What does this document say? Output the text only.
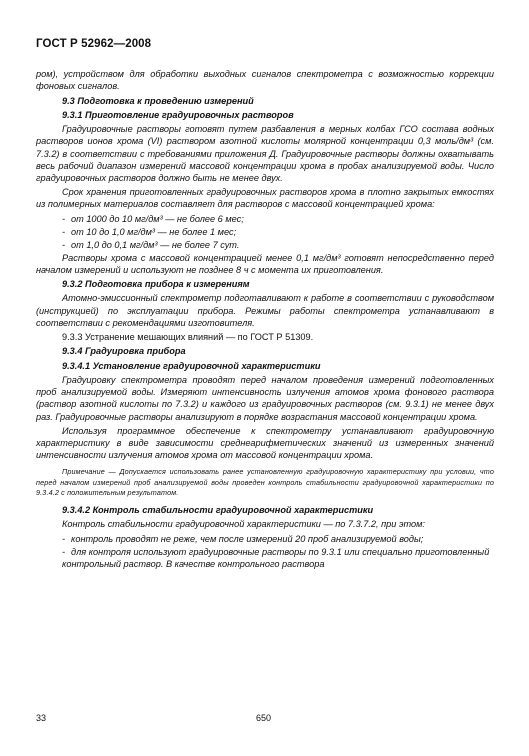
ГОСТ Р 52962—2008

ром), устройством для обработки выходных сигналов спектрометра с возможностью коррекции фоновых сигналов.

9.3 Подготовка к проведению измерений

9.3.1 Приготовление градуировочных растворов

Градуировочные растворы готовят путем разбавления в мерных колбах ГСО состава водных растворов ионов хрома (VI) раствором азотной кислоты молярной концентрации 0,3 моль/дм³ (см. 7.3.2) в соответствии с требованиями приложения Д. Градуировочные растворы должны охватывать весь рабочий диапазон измерений массовой концентрации хрома в пробах анализируемой воды. Число градуировочных растворов должно быть не менее двух.

Срок хранения приготовленных градуировочных растворов хрома в плотно закрытых емкостях из полимерных материалов составляет для растворов с массовой концентрацией хрома:

- от 1000 до 10 мг/дм³ — не более 6 мес;

- от 10 до 1,0 мг/дм³ — не более 1 мес;

- от 1,0 до 0,1 мг/дм³ — не более 7 сут.

Растворы хрома с массовой концентрацией менее 0,1 мг/дм³ готовят непосредственно перед началом измерений и используют не позднее 8 ч с момента их приготовления.

9.3.2 Подготовка прибора к измерениям

Атомно-эмиссионный спектрометр подготавливают к работе в соответствии с руководством (инструкцией) по эксплуатации прибора. Режимы работы спектрометра устанавливают в соответствии с рекомендациями изготовителя.

9.3.3 Устранение мешающих влияний — по ГОСТ Р 51309.

9.3.4 Градуировка прибора

9.3.4.1 Установление градуировочной характеристики

Градуировку спектрометра проводят перед началом проведения измерений подготовленных проб анализируемой воды. Измеряют интенсивность излучения атомов хрома фонового раствора (раствор азотной кислоты по 7.3.2) и каждого из градуировочных растворов (см. 9.3.1) не менее двух раз. Градуировочные растворы анализируют в порядке возрастания массовой концентрации хрома.

Используя программное обеспечение к спектрометру устанавливают градуировочную характеристику в виде зависимости среднеарифметических значений из измеренных значений интенсивности излучения атомов хрома от массовой концентрации хрома.

Примечание — Допускается использовать ранее установленную градуировочную характеристику при условии, что перед началом измерений проб анализируемой воды проведен контроль стабильности градуировочной характеристики по 9.3.4.2 с положительным результатом.

9.3.4.2 Контроль стабильности градуировочной характеристики

Контроль стабильности градуировочной характеристики — по 7.3.7.2, при этом:

- контроль проводят не реже, чем после измерений 20 проб анализируемой воды;

- для контроля используют градуировочные растворы по 9.3.1 или специально приготовленный контрольный раствор. В качестве контрольного раствора

33	650
